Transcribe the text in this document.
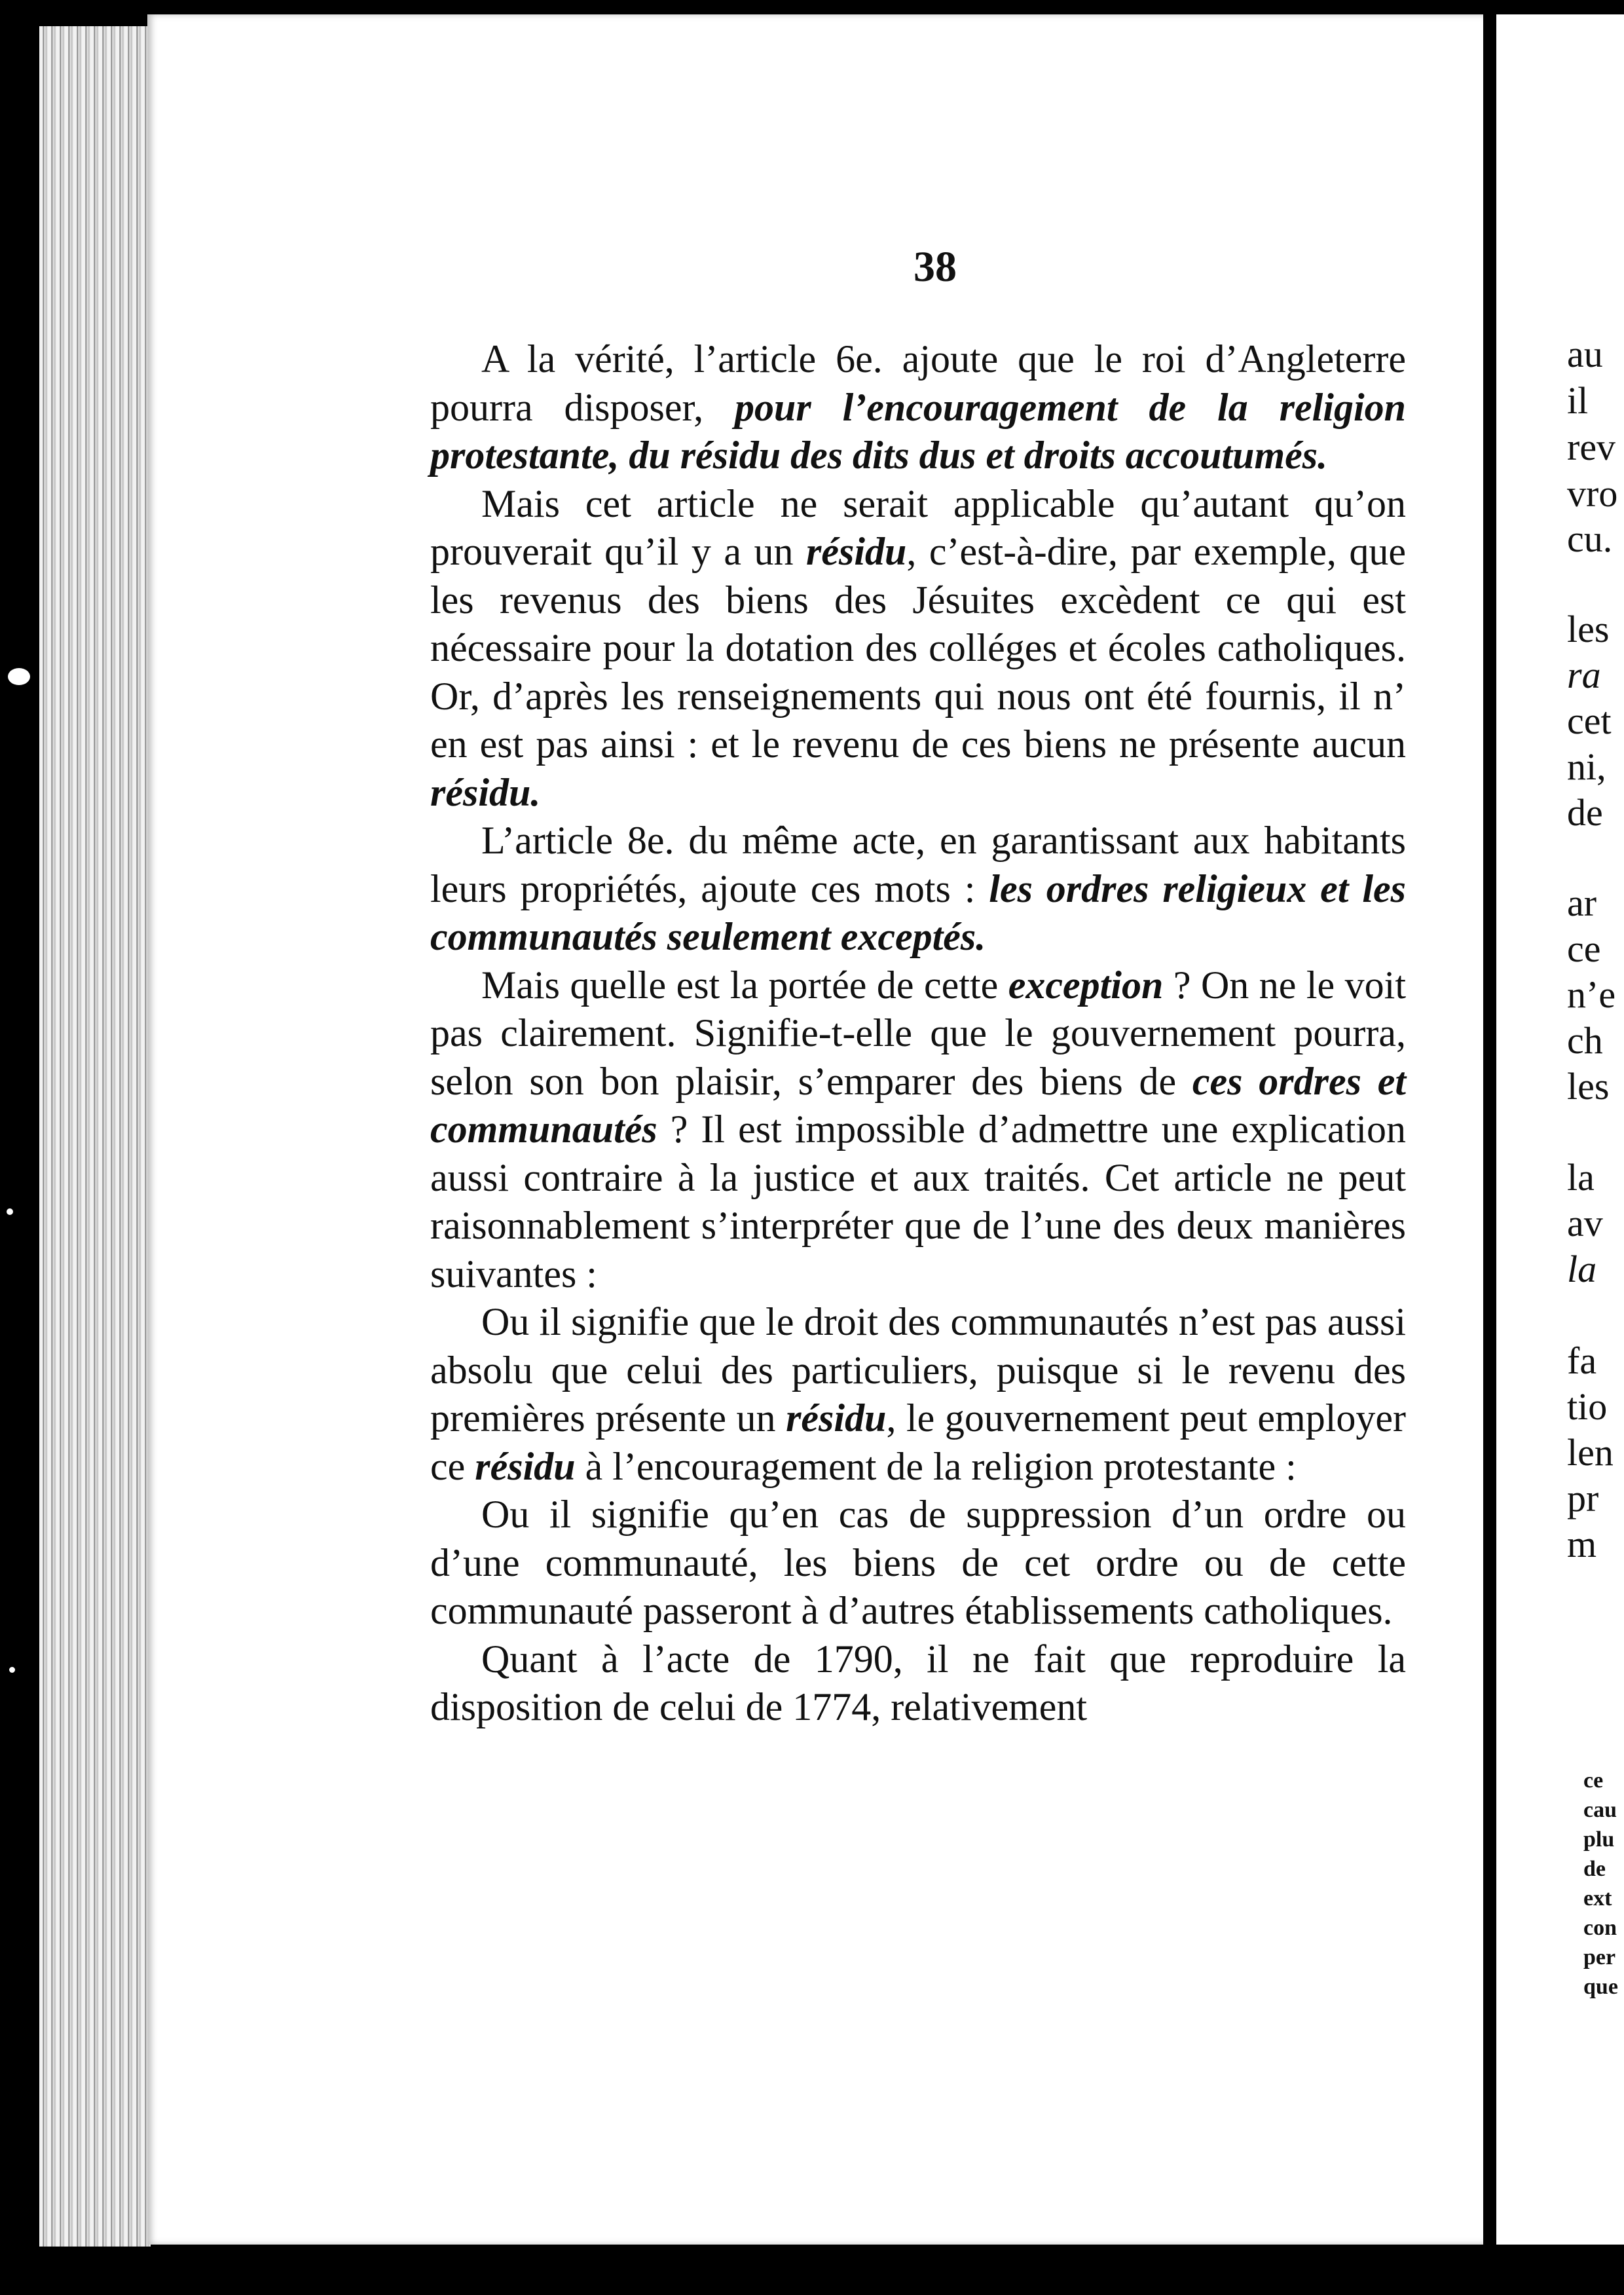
38

A la vérité, l’article 6e. ajoute que le roi d’Angleterre pourra disposer, pour l’encouragement de la religion protestante, du résidu des dits dus et droits accoutumés.

Mais cet article ne serait applicable qu’autant qu’on prouverait qu’il y a un résidu, c’est-à-dire, par exemple, que les revenus des biens des Jésuites excèdent ce qui est nécessaire pour la dotation des colléges et écoles catholiques. Or, d’après les renseignements qui nous ont été fournis, il n’ en est pas ainsi : et le revenu de ces biens ne présente aucun résidu.

L’article 8e. du même acte, en garantissant aux habitants leurs propriétés, ajoute ces mots : les ordres religieux et les communautés seulement exceptés.

Mais quelle est la portée de cette exception ? On ne le voit pas clairement. Signifie-t-elle que le gouvernement pourra, selon son bon plaisir, s’emparer des biens de ces ordres et communautés ? Il est impossible d’admettre une explication aussi contraire à la justice et aux traités. Cet article ne peut raisonnablement s’interpréter que de l’une des deux manières suivantes :

Ou il signifie que le droit des communautés n’est pas aussi absolu que celui des particuliers, puisque si le revenu des premières présente un résidu, le gouvernement peut employer ce résidu à l’encouragement de la religion protestante :

Ou il signifie qu’en cas de suppression d’un ordre ou d’une communauté, les biens de cet ordre ou de cette communauté passeront à d’autres établissements catholiques.

Quant à l’acte de 1790, il ne fait que reproduire la disposition de celui de 1774, relativement

au
il
rev
vro
cu.
les
ra
cet
ni,
de
ar
ce
n’e
ch
les
la
av
la
fa
tio
len
pr
m
ce
cau
plu
de
ext
con
per
que
